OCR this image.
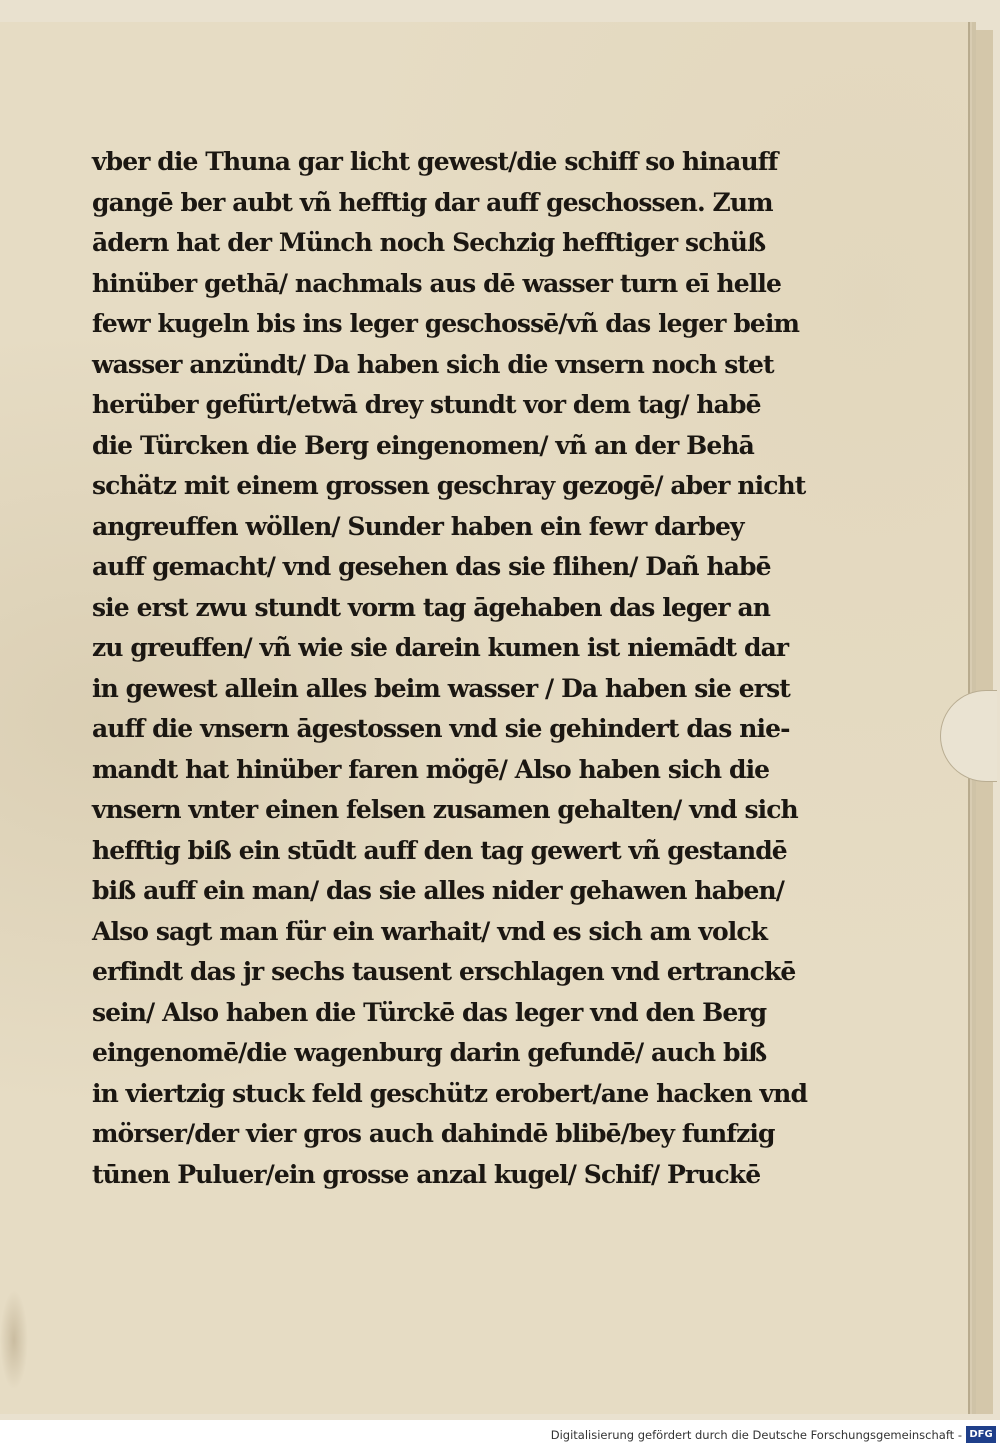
vber die Thuna gar licht gewest/die schiff so hinauff
gangē ber aubt vñ hefftig dar auff geschossen. Zum
ādern hat der Münch noch Sechzig hefftiger schüß
hinüber gethā/ nachmals aus dē wasser turn eī helle
fewr kugeln bis ins leger geschossē/vñ das leger beim
wasser anzündt/ Da haben sich die vnsern noch stet
herüber gefürt/etwā drey stundt vor dem tag/ habē
die Türcken die Berg eingenomen/ vñ an der Behā
schätz mit einem grossen geschray gezogē/ aber nicht
angreuffen wöllen/ Sunder haben ein fewr darbey
auff gemacht/ vnd gesehen das sie flihen/ Dañ habē
sie erst zwu stundt vorm tag āgehaben das leger an
zu greuffen/ vñ wie sie darein kumen ist niemādt dar
in gewest allein alles beim wasser / Da haben sie erst
auff die vnsern āgestossen vnd sie gehindert das nie-
mandt hat hinüber faren mögē/ Also haben sich die
vnsern vnter einen felsen zusamen gehalten/ vnd sich
hefftig biß ein stūdt auff den tag gewert vñ gestandē
biß auff ein man/ das sie alles nider gehawen haben/
Also sagt man für ein warhait/ vnd es sich am volck
erfindt das jr sechs tausent erschlagen vnd ertranckē
sein/ Also haben die Türckē das leger vnd den Berg
eingenomē/die wagenburg darin gefundē/ auch biß
in viertzig stuck feld geschütz erobert/ane hacken vnd
mörser/der vier gros auch dahindē blibē/bey funfzig
tūnen Puluer/ein grosse anzal kugel/ Schif/ Pruckē
Digitalisierung gefördert durch die Deutsche Forschungsgemeinschaft - DFG
